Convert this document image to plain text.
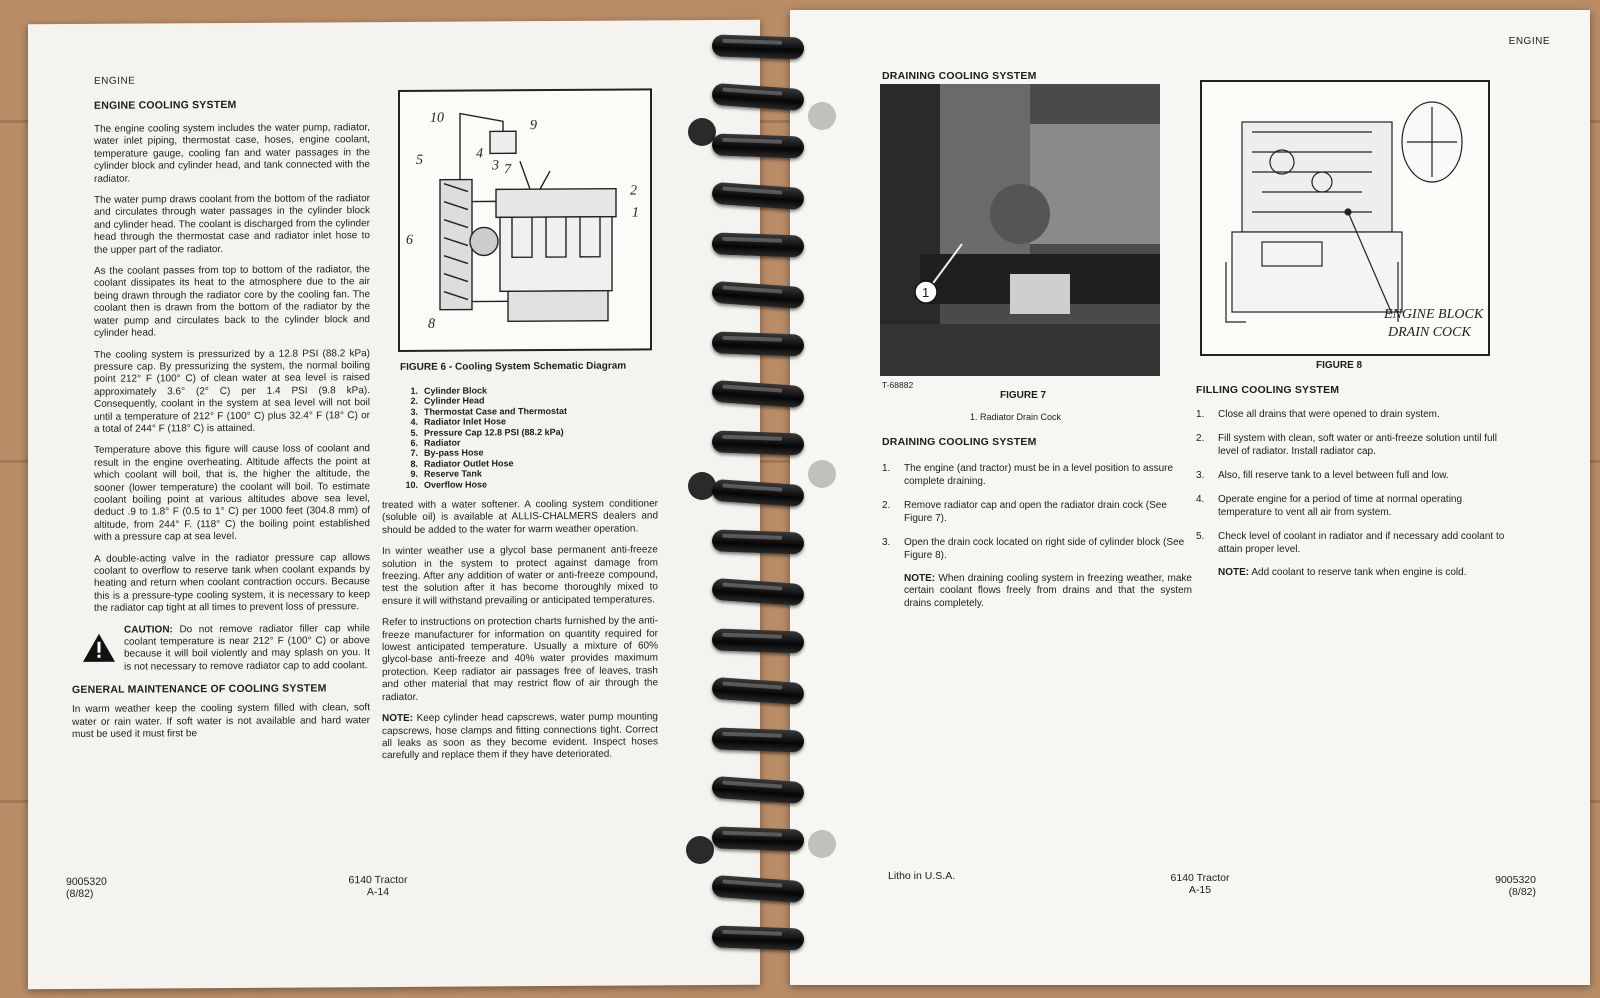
ENGINE
ENGINE COOLING SYSTEM

The engine cooling system includes the water pump, radiator, water inlet piping, thermostat case, hoses, engine coolant, temperature gauge, cooling fan and water passages in the cylinder block and cylinder head, and tank connected with the radiator.

The water pump draws coolant from the bottom of the radiator and circulates through water passages in the cylinder block and cylinder head. The coolant is discharged from the cylinder head through the thermostat case and radiator inlet hose to the upper part of the radiator.

As the coolant passes from top to bottom of the radiator, the coolant dissipates its heat to the atmosphere due to the air being drawn through the radiator core by the cooling fan. The coolant then is drawn from the bottom of the radiator by the water pump and circulates back to the cylinder block and cylinder head.

The cooling system is pressurized by a 12.8 PSI (88.2 kPa) pressure cap. By pressurizing the system, the normal boiling point 212° F (100° C) of clean water at sea level is raised approximately 3.6° (2° C) per 1.4 PSI (9.8 kPa). Consequently, coolant in the system at sea level will not boil until a temperature of 212° F (100° C) plus 32.4° F (18° C) or a total of 244° F (118° C) is attained.

Temperature above this figure will cause loss of coolant and result in the engine overheating. Altitude affects the point at which coolant will boil, that is, the higher the altitude, the sooner (lower temperature) the coolant will boil. To estimate coolant boiling point at various altitudes above sea level, deduct .9 to 1.8° F (0.5 to 1° C) per 1000 feet (304.8 mm) of altitude, from 244° F. (118° C) the boiling point established with a pressure cap at sea level.

A double-acting valve in the radiator pressure cap allows coolant to overflow to reserve tank when coolant expands by heating and return when coolant contraction occurs. Because this is a pressure-type cooling system, it is necessary to keep the radiator cap tight at all times to prevent loss of pressure.

CAUTION: Do not remove radiator filler cap while coolant temperature is near 212° F (100° C) or above because it will boil violently and may splash on you. It is not necessary to remove radiator cap to add coolant.

GENERAL MAINTENANCE OF COOLING SYSTEM

In warm weather keep the cooling system filled with clean, soft water or rain water. If soft water is not available and hard water must be used it must first be

10	9
5	4
3 7
2
1
6
8
FIGURE 6 - Cooling System Schematic Diagram
1. Cylinder Block
2. Cylinder Head
3. Thermostat Case and Thermostat
4. Radiator Inlet Hose
5. Pressure Cap 12.8 PSI (88.2 kPa)
6. Radiator
7. By-pass Hose
8. Radiator Outlet Hose
9. Reserve Tank
10. Overflow Hose

treated with a water softener. A cooling system conditioner (soluble oil) is available at ALLIS-CHALMERS dealers and should be added to the water for warm weather operation.

In winter weather use a glycol base permanent anti-freeze solution in the system to protect against damage from freezing. After any addition of water or anti-freeze compound, test the solution after it has become thoroughly mixed to ensure it will withstand prevailing or anticipated temperatures.

Refer to instructions on protection charts furnished by the anti-freeze manufacturer for information on quantity required for lowest anticipated temperature. Usually a mixture of 60% glycol-base anti-freeze and 40% water provides maximum protection. Keep radiator air passages free of leaves, trash and other material that may restrict flow of air through the radiator.

NOTE: Keep cylinder head capscrews, water pump mounting capscrews, hose clamps and fitting connections tight. Correct all leaks as soon as they become evident. Inspect hoses carefully and replace them if they have deteriorated.

9005320
(8/82)
6140 Tractor
A-14
ENGINE
DRAINING COOLING SYSTEM
1
T-68882
FIGURE 7
1. Radiator Drain Cock
ENGINE BLOCK
DRAIN COCK
FIGURE 8
DRAINING COOLING SYSTEM
1.	The engine (and tractor) must be in a level position to assure complete draining.
2.	Remove radiator cap and open the radiator drain cock (See Figure 7).
3.	Open the drain cock located on right side of cylinder block (See Figure 8).

NOTE: When draining cooling system in freezing weather, make certain coolant flows freely from drains and that the system drains completely.

FILLING COOLING SYSTEM
1.	Close all drains that were opened to drain system.
2.	Fill system with clean, soft water or anti-freeze solution until full level of radiator. Install radiator cap.
3.	Also, fill reserve tank to a level between full and low.
4.	Operate engine for a period of time at normal operating temperature to vent all air from system.
5.	Check level of coolant in radiator and if necessary add coolant to attain proper level.

NOTE: Add coolant to reserve tank when engine is cold.

Litho in U.S.A.	6140 Tractor
A-15
9005320
(8/82)
